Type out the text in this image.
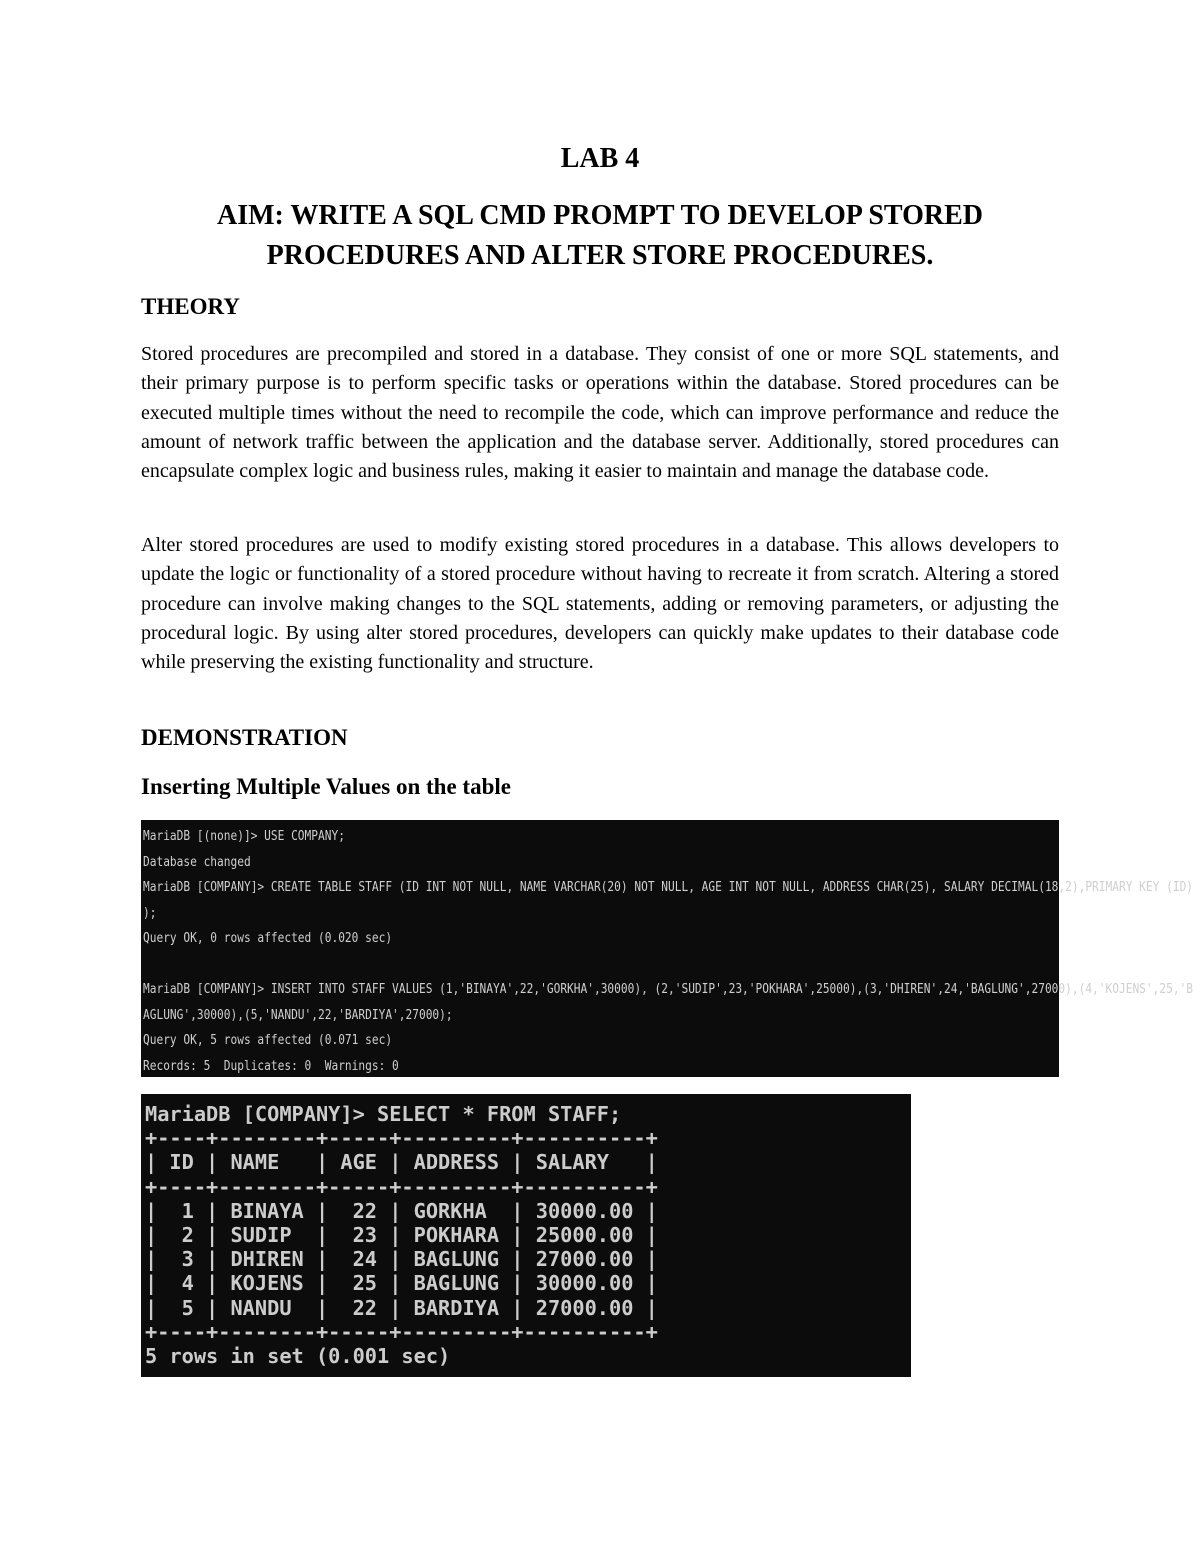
LAB 4
AIM: WRITE A SQL CMD PROMPT TO DEVELOP STORED PROCEDURES AND ALTER STORE PROCEDURES.
THEORY

Stored procedures are precompiled and stored in a database. They consist of one or more SQL statements, and their primary purpose is to perform specific tasks or operations within the database. Stored procedures can be executed multiple times without the need to recompile the code, which can improve performance and reduce the amount of network traffic between the application and the database server. Additionally, stored procedures can encapsulate complex logic and business rules, making it easier to maintain and manage the database code.

Alter stored procedures are used to modify existing stored procedures in a database. This allows developers to update the logic or functionality of a stored procedure without having to recreate it from scratch. Altering a stored procedure can involve making changes to the SQL statements, adding or removing parameters, or adjusting the procedural logic. By using alter stored procedures, developers can quickly make updates to their database code while preserving the existing functionality and structure.

DEMONSTRATION
Inserting Multiple Values on the table
MariaDB [(none)]> USE COMPANY;
Database changed
MariaDB [COMPANY]> CREATE TABLE STAFF (ID INT NOT NULL, NAME VARCHAR(20) NOT NULL, AGE INT NOT NULL, ADDRESS CHAR(25), SALARY DECIMAL(18,2),PRIMARY KEY (ID)
);
Query OK, 0 rows affected (0.020 sec)
MariaDB [COMPANY]> INSERT INTO STAFF VALUES (1,'BINAYA',22,'GORKHA',30000), (2,'SUDIP',23,'POKHARA',25000),(3,'DHIREN',24,'BAGLUNG',27000),(4,'KOJENS',25,'B
AGLUNG',30000),(5,'NANDU',22,'BARDIYA',27000);
Query OK, 5 rows affected (0.071 sec)
Records: 5  Duplicates: 0  Warnings: 0
MariaDB [COMPANY]> SELECT * FROM STAFF;
+----+--------+-----+---------+----------+
| ID | NAME   | AGE | ADDRESS | SALARY   |
+----+--------+-----+---------+----------+
|  1 | BINAYA |  22 | GORKHA  | 30000.00 |
|  2 | SUDIP  |  23 | POKHARA | 25000.00 |
|  3 | DHIREN |  24 | BAGLUNG | 27000.00 |
|  4 | KOJENS |  25 | BAGLUNG | 30000.00 |
|  5 | NANDU  |  22 | BARDIYA | 27000.00 |
+----+--------+-----+---------+----------+
5 rows in set (0.001 sec)
